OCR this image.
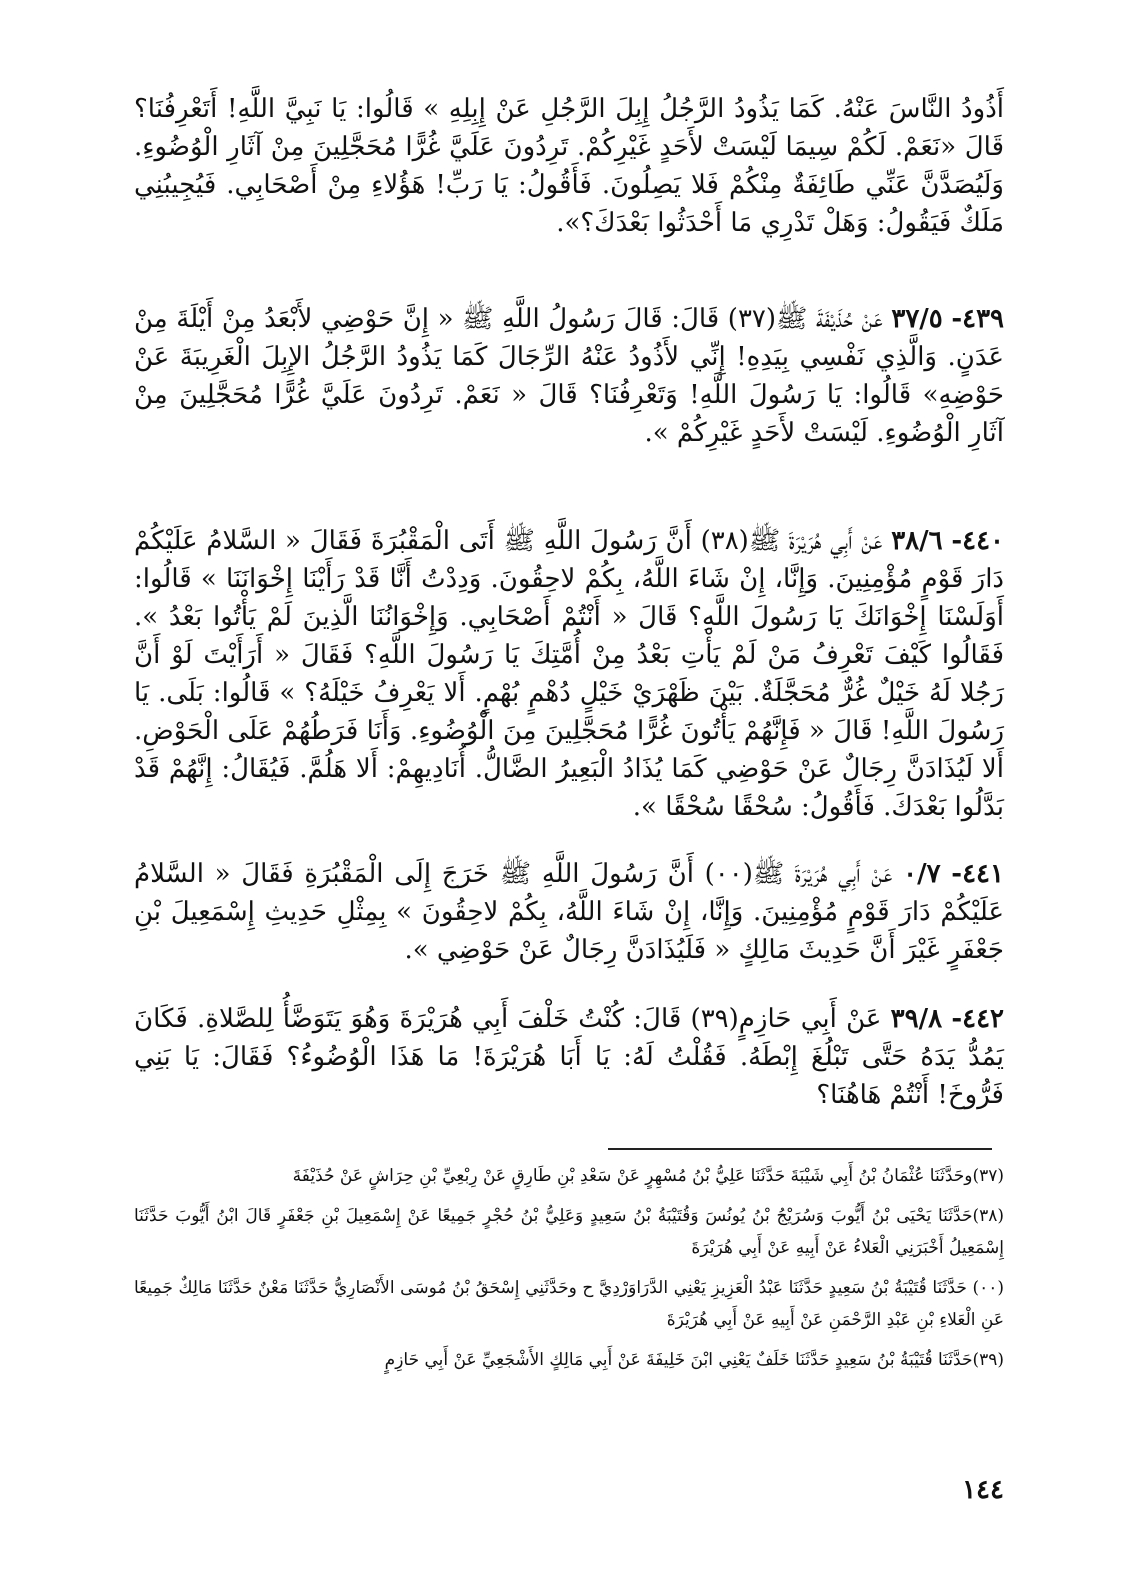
أَذُودُ النَّاسَ عَنْهُ. كَمَا يَذُودُ الرَّجُلُ إِبِلَ الرَّجُلِ عَنْ إِبِلِهِ » قَالُوا: يَا نَبِيَّ اللَّهِ! أَتَعْرِفُنَا؟ قَالَ «نَعَمْ. لَكُمْ سِيمَا لَيْسَتْ لأَحَدٍ غَيْرِكُمْ. تَرِدُونَ عَلَيَّ غُرًّا مُحَجَّلِينَ مِنْ آثَارِ الْوُضُوءِ. وَلَيُصَدَّنَّ عَنِّي طَائِفَةٌ مِنْكُمْ فَلا يَصِلُونَ. فَأَقُولُ: يَا رَبِّ! هَؤُلاءِ مِنْ أَصْحَابِي. فَيُجِيبُنِي مَلَكٌ فَيَقُولُ: وَهَلْ تَدْرِي مَا أَحْدَثُوا بَعْدَكَ؟».
٤٣٩- ٣٧/٥ عَنْ حُذَيْفَةَ ﷺ(٣٧) قَالَ: قَالَ رَسُولُ اللَّهِ ﷺ « إِنَّ حَوْضِي لأَبْعَدُ مِنْ أَيْلَةَ مِنْ عَدَنٍ. وَالَّذِي نَفْسِي بِيَدِهِ! إِنِّي لأَذُودُ عَنْهُ الرِّجَالَ كَمَا يَذُودُ الرَّجُلُ الإِبِلَ الْغَرِيبَةَ عَنْ حَوْضِهِ» قَالُوا: يَا رَسُولَ اللَّهِ! وَتَعْرِفُنَا؟ قَالَ « نَعَمْ. تَرِدُونَ عَلَيَّ غُرًّا مُحَجَّلِينَ مِنْ آثَارِ الْوُضُوءِ. لَيْسَتْ لأَحَدٍ غَيْرِكُمْ ».
٤٤٠- ٣٨/٦ عَنْ أَبِي هُرَيْرَةَ ﷺ(٣٨) أَنَّ رَسُولَ اللَّهِ ﷺ أَتَى الْمَقْبُرَةَ فَقَالَ « السَّلامُ عَلَيْكُمْ دَارَ قَوْمٍ مُؤْمِنِينَ. وَإِنَّا، إِنْ شَاءَ اللَّهُ، بِكُمْ لاحِقُونَ. وَدِدْتُ أَنَّا قَدْ رَأَيْنَا إِخْوَانَنَا » قَالُوا: أَوَلَسْنَا إِخْوَانَكَ يَا رَسُولَ اللَّهِ؟ قَالَ « أَنْتُمْ أَصْحَابِي. وَإِخْوَانُنَا الَّذِينَ لَمْ يَأْتُوا بَعْدُ ». فَقَالُوا كَيْفَ تَعْرِفُ مَنْ لَمْ يَأْتِ بَعْدُ مِنْ أُمَّتِكَ يَا رَسُولَ اللَّهِ؟ فَقَالَ « أَرَأَيْتَ لَوْ أَنَّ رَجُلا لَهُ خَيْلٌ غُرٌّ مُحَجَّلَةٌ. بَيْنَ ظَهْرَيْ خَيْلٍ دُهْمٍ بُهْمٍ. أَلا يَعْرِفُ خَيْلَهُ؟ » قَالُوا: بَلَى. يَا رَسُولَ اللَّهِ! قَالَ « فَإِنَّهُمْ يَأْتُونَ غُرًّا مُحَجَّلِينَ مِنَ الْوُضُوءِ. وَأَنَا فَرَطُهُمْ عَلَى الْحَوْضِ. أَلا لَيُذَادَنَّ رِجَالٌ عَنْ حَوْضِي كَمَا يُذَادُ الْبَعِيرُ الضَّالُّ. أُنَادِيهِمْ: أَلا هَلُمَّ. فَيُقَالُ: إِنَّهُمْ قَدْ بَدَّلُوا بَعْدَكَ. فَأَقُولُ: سُحْقًا سُحْقًا ».
٤٤١- ٠/٧ عَنْ أَبِي هُرَيْرَةَ ﷺ(٠٠) أَنَّ رَسُولَ اللَّهِ ﷺ خَرَجَ إِلَى الْمَقْبُرَةِ فَقَالَ « السَّلامُ عَلَيْكُمْ دَارَ قَوْمٍ مُؤْمِنِينَ. وَإِنَّا، إِنْ شَاءَ اللَّهُ، بِكُمْ لاحِقُونَ » بِمِثْلِ حَدِيثِ إِسْمَعِيلَ بْنِ جَعْفَرٍ غَيْرَ أَنَّ حَدِيثَ مَالِكٍ « فَلَيُذَادَنَّ رِجَالٌ عَنْ حَوْضِي ».
٤٤٢- ٣٩/٨ عَنْ أَبِي حَازِمٍ(٣٩) قَالَ: كُنْتُ خَلْفَ أَبِي هُرَيْرَةَ وَهُوَ يَتَوَضَّأُ لِلصَّلاةِ. فَكَانَ يَمُدُّ يَدَهُ حَتَّى تَبْلُغَ إِبْطَهُ. فَقُلْتُ لَهُ: يَا أَبَا هُرَيْرَةَ! مَا هَذَا الْوُضُوءُ؟ فَقَالَ: يَا بَنِي فَرُّوخَ! أَنْتُمْ هَاهُنَا؟

(٣٧)وحَدَّثَنَا عُثْمَانُ بْنُ أَبِي شَيْبَةَ حَدَّثَنَا عَلِيُّ بْنُ مُسْهِرٍ عَنْ سَعْدِ بْنِ طَارِقٍ عَنْ رِبْعِيِّ بْنِ حِرَاشٍ عَنْ حُذَيْفَةَ

(٣٨)حَدَّثَنَا يَحْيَى بْنُ أَيُّوبَ وَسُرَيْجُ بْنُ يُونُسَ وَقُتَيْبَةُ بْنُ سَعِيدٍ وَعَلِيُّ بْنُ حُجْرٍ جَمِيعًا عَنْ إِسْمَعِيلَ بْنِ جَعْفَرٍ قَالَ ابْنُ أَيُّوبَ حَدَّثَنَا إِسْمَعِيلُ أَخْبَرَنِي الْعَلاءُ عَنْ أَبِيهِ عَنْ أَبِي هُرَيْرَةَ

(٠٠) حَدَّثَنَا قُتَيْبَةُ بْنُ سَعِيدٍ حَدَّثَنَا عَبْدُ الْعَزِيزِ يَعْنِي الدَّرَاوَرْدِيَّ ح وحَدَّثَنِي إِسْحَقُ بْنُ مُوسَى الأَنْصَارِيُّ حَدَّثَنَا مَعْنٌ حَدَّثَنَا مَالِكٌ جَمِيعًا عَنِ الْعَلاءِ بْنِ عَبْدِ الرَّحْمَنِ عَنْ أَبِيهِ عَنْ أَبِي هُرَيْرَةَ

(٣٩)حَدَّثَنَا قُتَيْبَةُ بْنُ سَعِيدٍ حَدَّثَنَا خَلَفٌ يَعْنِي ابْنَ خَلِيفَةَ عَنْ أَبِي مَالِكٍ الأَشْجَعِيِّ عَنْ أَبِي حَازِمٍ

١٤٤
